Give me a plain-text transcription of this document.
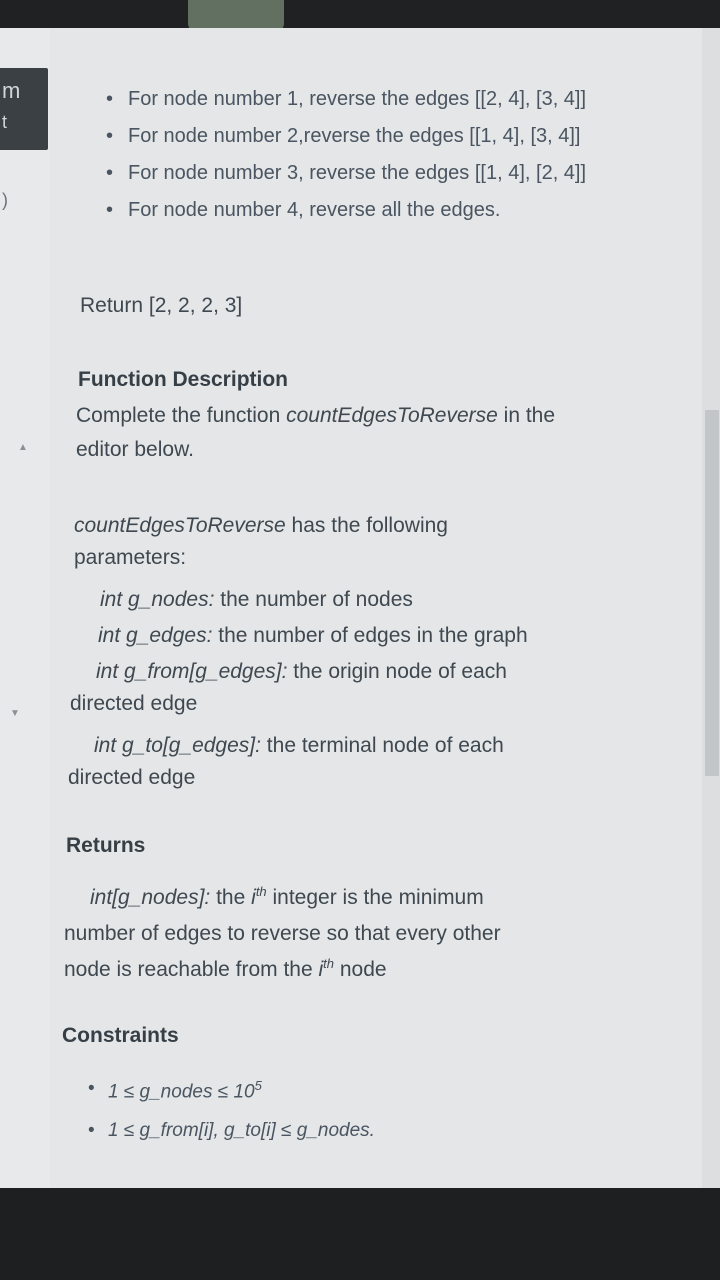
m
t
)
▲
▼
• For node number 1, reverse the edges [[2, 4], [3, 4]]
• For node number 2,reverse the edges [[1, 4], [3, 4]]
• For node number 3, reverse the edges [[1, 4], [2, 4]]
• For node number 4, reverse all the edges.
Return [2, 2, 2, 3]
Function Description
Complete the function countEdgesToReverse in the
editor below.
countEdgesToReverse has the following
parameters:
int g_nodes: the number of nodes
int g_edges: the number of edges in the graph
int g_from[g_edges]: the origin node of each
directed edge
int g_to[g_edges]: the terminal node of each
directed edge
Returns
int[g_nodes]: the $i^{th}$ integer is the minimum
number of edges to reverse so that every other
node is reachable from the $i^{th}$ node
Constraints
• 1 ≤ g_nodes ≤ $10^5$
• 1 ≤ g_from[i], g_to[i] ≤ g_nodes.
